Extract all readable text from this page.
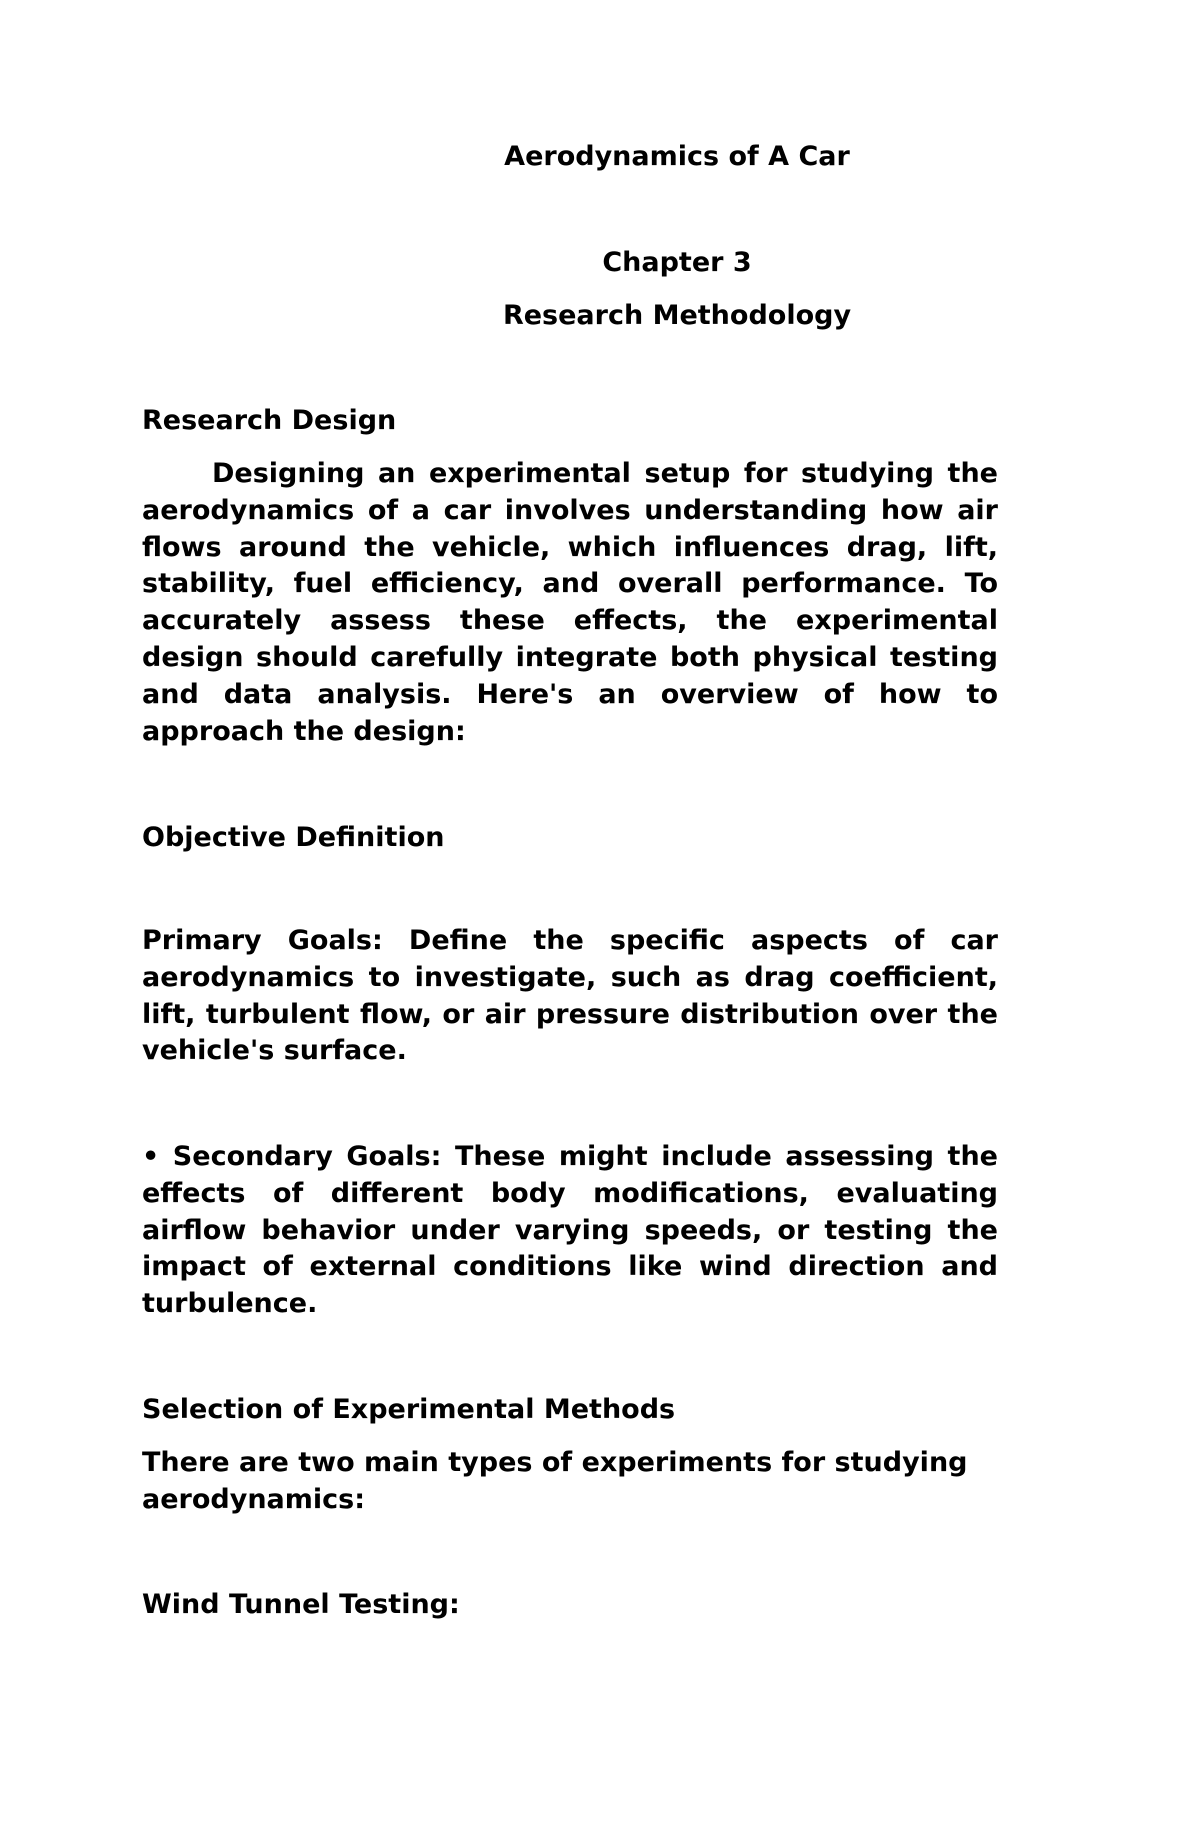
Aerodynamics of A Car
Chapter 3
Research Methodology
Research Design

Designing an experimental setup for studying the aerodynamics of a car involves understanding how air flows around the vehicle, which influences drag, lift, stability, fuel efficiency, and overall performance. To accurately assess these effects, the experimental design should carefully integrate both physical testing and data analysis. Here's an overview of how to approach the design:

Objective Definition

Primary Goals: Define the specific aspects of car aerodynamics to investigate, such as drag coefficient, lift, turbulent flow, or air pressure distribution over the vehicle's surface.

• Secondary Goals: These might include assessing the effects of different body modifications, evaluating airflow behavior under varying speeds, or testing the impact of external conditions like wind direction and turbulence.

Selection of Experimental Methods

There are two main types of experiments for studying aerodynamics:

Wind Tunnel Testing:
